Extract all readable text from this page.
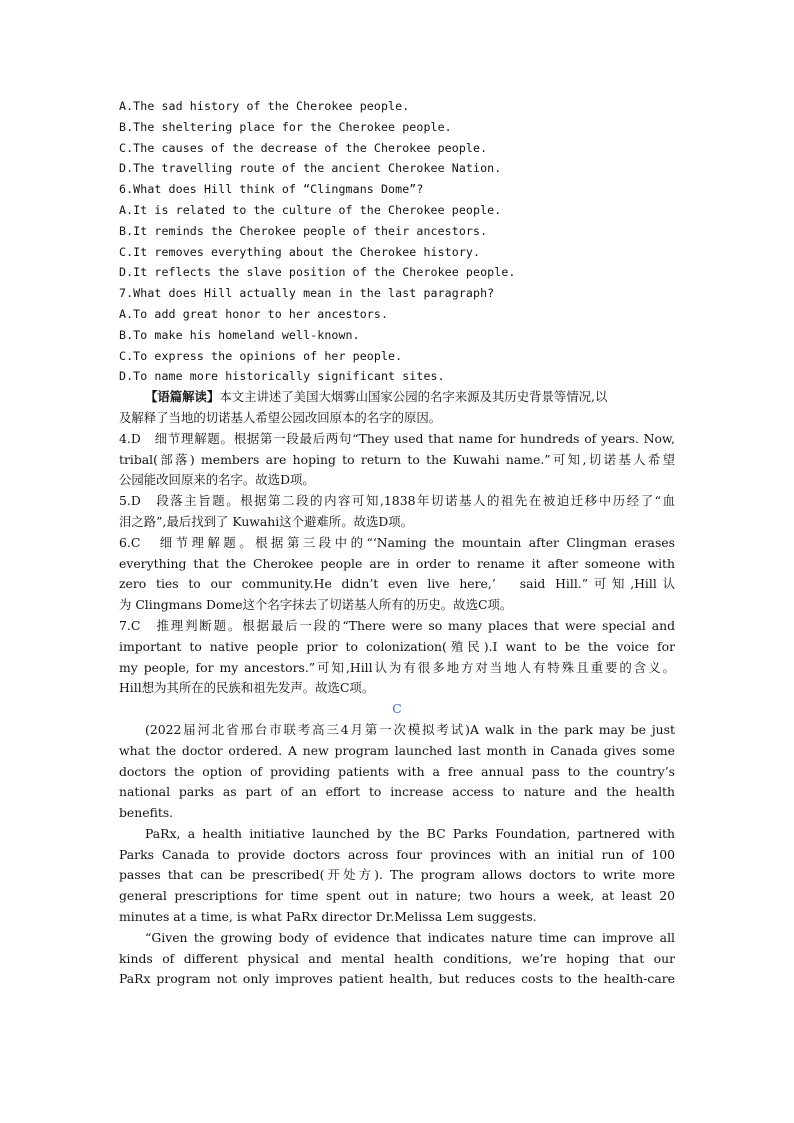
A.The sad history of the Cherokee people.
B.The sheltering place for the Cherokee people.
C.The causes of the decrease of the Cherokee people.
D.The travelling route of the ancient Cherokee Nation.
6.What does Hill think of “Clingmans Dome”?
A.It is related to the culture of the Cherokee people.
B.It reminds the Cherokee people of their ancestors.
C.It removes everything about the Cherokee history.
D.It reflects the slave position of the Cherokee people.
7.What does Hill actually mean in the last paragraph?
A.To add great honor to her ancestors.
B.To make his homeland well-known.
C.To express the opinions of her people.
D.To name more historically significant sites.
【语篇解读】本文主讲述了美国大烟雾山国家公园的名字来源及其历史背景等情况,以
及解释了当地的切诺基人希望公园改回原本的名字的原因。
4.D　细节理解题。根据第一段最后两句“They used that name for hundreds of years. Now,
tribal(部落) members are hoping to return to the Kuwahi name.”可知,切诺基人希望
公园能改回原来的名字。故选D项。
5.D　段落主旨题。根据第二段的内容可知,1838年切诺基人的祖先在被迫迁移中历经了“血
泪之路”,最后找到了 Kuwahi这个避难所。故选D项。
6.C　细节理解题。根据第三段中的“‘Naming the mountain after Clingman erases
everything that the Cherokee people are in order to rename it after someone with
zero ties to our community.He didn’t even live here,’　said Hill.”可知,Hill认
为 Clingmans Dome这个名字抹去了切诺基人所有的历史。故选C项。
7.C　推理判断题。根据最后一段的“There were so many places that were special and
important to native people prior to colonization(殖民).I want to be the voice for
my people, for my ancestors.”可知,Hill认为有很多地方对当地人有特殊且重要的含义。
Hill想为其所在的民族和祖先发声。故选C项。
C
(2022届河北省邢台市联考高三4月第一次模拟考试)A walk in the park may be just
what the doctor ordered. A new program launched last month in Canada gives some
doctors the option of providing patients with a free annual pass to the country’s
national parks as part of an effort to increase access to nature and the health
benefits.
PaRx, a health initiative launched by the BC Parks Foundation, partnered with
Parks Canada to provide doctors across four provinces with an initial run of 100
passes that can be prescribed(开处方). The program allows doctors to write more
general prescriptions for time spent out in nature; two hours a week, at least 20
minutes at a time, is what PaRx director Dr.Melissa Lem suggests.
“Given the growing body of evidence that indicates nature time can improve all
kinds of different physical and mental health conditions, we’re hoping that our
PaRx program not only improves patient health, but reduces costs to the health-care
